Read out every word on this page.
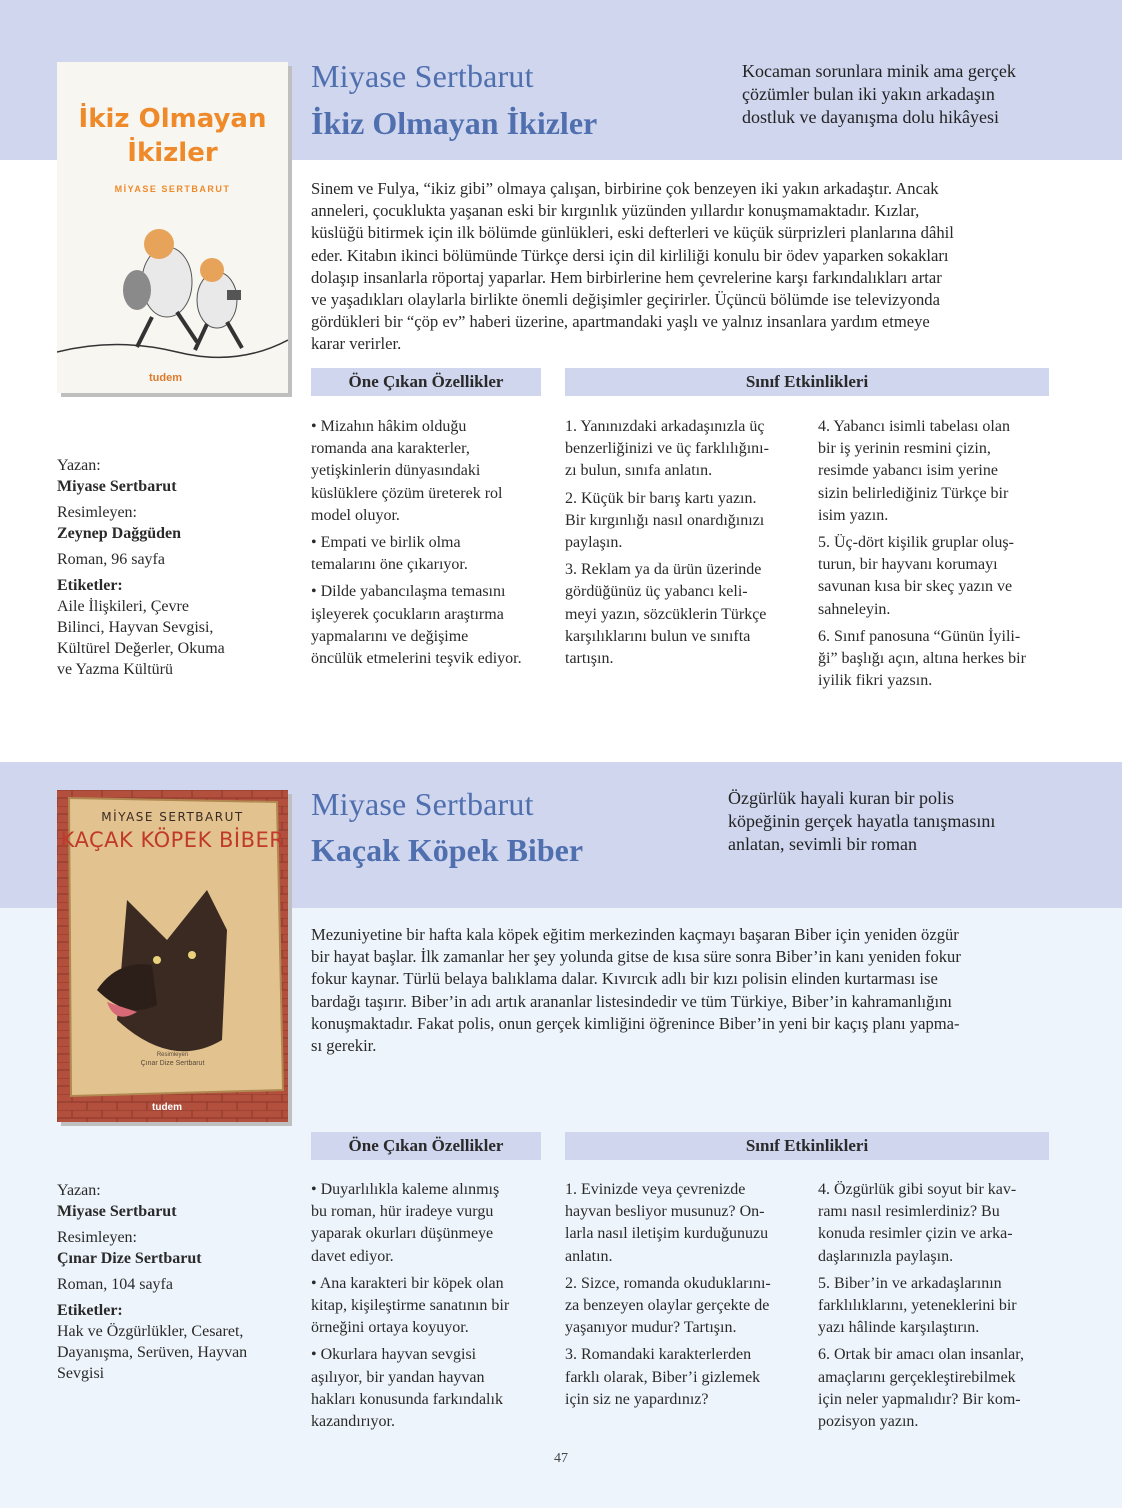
İkiz Olmayan
İkizler
MİYASE SERTBARUT
tudem
Miyase Sertbarut
İkiz Olmayan İkizler
Kocaman sorunlara minik ama gerçek
çözümler bulan iki yakın arkadaşın
dostluk ve dayanışma dolu hikâyesi
Sinem ve Fulya, “ikiz gibi” olmaya çalışan, birbirine çok benzeyen iki yakın arkadaştır. Ancak
anneleri, çocuklukta yaşanan eski bir kırgınlık yüzünden yıllardır konuşmamaktadır. Kızlar,
küslüğü bitirmek için ilk bölümde günlükleri, eski defterleri ve küçük sürprizleri planlarına dâhil
eder. Kitabın ikinci bölümünde Türkçe dersi için dil kirliliği konulu bir ödev yaparken sokakları
dolaşıp insanlarla röportaj yaparlar. Hem birbirlerine hem çevrelerine karşı farkındalıkları artar
ve yaşadıkları olaylarla birlikte önemli değişimler geçirirler. Üçüncü bölümde ise televizyonda
gördükleri bir “çöp ev” haberi üzerine, apartmandaki yaşlı ve yalnız insanlara yardım etmeye
karar verirler.
Öne Çıkan Özellikler	Sınıf Etkinlikleri
Yazan:
Miyase Sertbarut
Resimleyen:
Zeynep Dağgüden
Roman, 96 sayfa
Etiketler:
Aile İlişkileri, Çevre
Bilinci, Hayvan Sevgisi,
Kültürel Değerler, Okuma
ve Yazma Kültürü

• Mizahın hâkim olduğu
romanda ana karakterler,
yetişkinlerin dünyasındaki
küslüklere çözüm üreterek rol
model oluyor.

• Empati ve birlik olma
temalarını öne çıkarıyor.

• Dilde yabancılaşma temasını
işleyerek çocukların araştırma
yapmalarını ve değişime
öncülük etmelerini teşvik ediyor.

1. Yanınızdaki arkadaşınızla üç
benzerliğinizi ve üç farklılığını-
zı bulun, sınıfa anlatın.

2. Küçük bir barış kartı yazın.
Bir kırgınlığı nasıl onardığınızı
paylaşın.

3. Reklam ya da ürün üzerinde
gördüğünüz üç yabancı keli-
meyi yazın, sözcüklerin Türkçe
karşılıklarını bulun ve sınıfta
tartışın.

4. Yabancı isimli tabelası olan
bir iş yerinin resmini çizin,
resimde yabancı isim yerine
sizin belirlediğiniz Türkçe bir
isim yazın.

5. Üç-dört kişilik gruplar oluş-
turun, bir hayvanı korumayı
savunan kısa bir skeç yazın ve
sahneleyin.

6. Sınıf panosuna “Günün İyili-
ği” başlığı açın, altına herkes bir
iyilik fikri yazsın.

MİYASE SERTBARUT
KAÇAK KÖPEK BİBER
Resimleyen
Çınar Dize Sertbarut
tudem
Miyase Sertbarut
Kaçak Köpek Biber
Özgürlük hayali kuran bir polis
köpeğinin gerçek hayatla tanışmasını
anlatan, sevimli bir roman
Mezuniyetine bir hafta kala köpek eğitim merkezinden kaçmayı başaran Biber için yeniden özgür
bir hayat başlar. İlk zamanlar her şey yolunda gitse de kısa süre sonra Biber’in kanı yeniden fokur
fokur kaynar. Türlü belaya balıklama dalar. Kıvırcık adlı bir kızı polisin elinden kurtarması ise
bardağı taşırır. Biber’in adı artık arananlar listesindedir ve tüm Türkiye, Biber’in kahramanlığını
konuşmaktadır. Fakat polis, onun gerçek kimliğini öğrenince Biber’in yeni bir kaçış planı yapma-
sı gerekir.
Öne Çıkan Özellikler	Sınıf Etkinlikleri
Yazan:
Miyase Sertbarut
Resimleyen:
Çınar Dize Sertbarut
Roman, 104 sayfa
Etiketler:
Hak ve Özgürlükler, Cesaret,
Dayanışma, Serüven, Hayvan
Sevgisi

• Duyarlılıkla kaleme alınmış
bu roman, hür iradeye vurgu
yaparak okurları düşünmeye
davet ediyor.

• Ana karakteri bir köpek olan
kitap, kişileştirme sanatının bir
örneğini ortaya koyuyor.

• Okurlara hayvan sevgisi
aşılıyor, bir yandan hayvan
hakları konusunda farkındalık
kazandırıyor.

1. Evinizde veya çevrenizde
hayvan besliyor musunuz? On-
larla nasıl iletişim kurduğunuzu
anlatın.

2. Sizce, romanda okuduklarını-
za benzeyen olaylar gerçekte de
yaşanıyor mudur? Tartışın.

3. Romandaki karakterlerden
farklı olarak, Biber’i gizlemek
için siz ne yapardınız?

4. Özgürlük gibi soyut bir kav-
ramı nasıl resimlerdiniz? Bu
konuda resimler çizin ve arka-
daşlarınızla paylaşın.

5. Biber’in ve arkadaşlarının
farklılıklarını, yeteneklerini bir
yazı hâlinde karşılaştırın.

6. Ortak bir amacı olan insanlar,
amaçlarını gerçekleştirebilmek
için neler yapmalıdır? Bir kom-
pozisyon yazın.

47
